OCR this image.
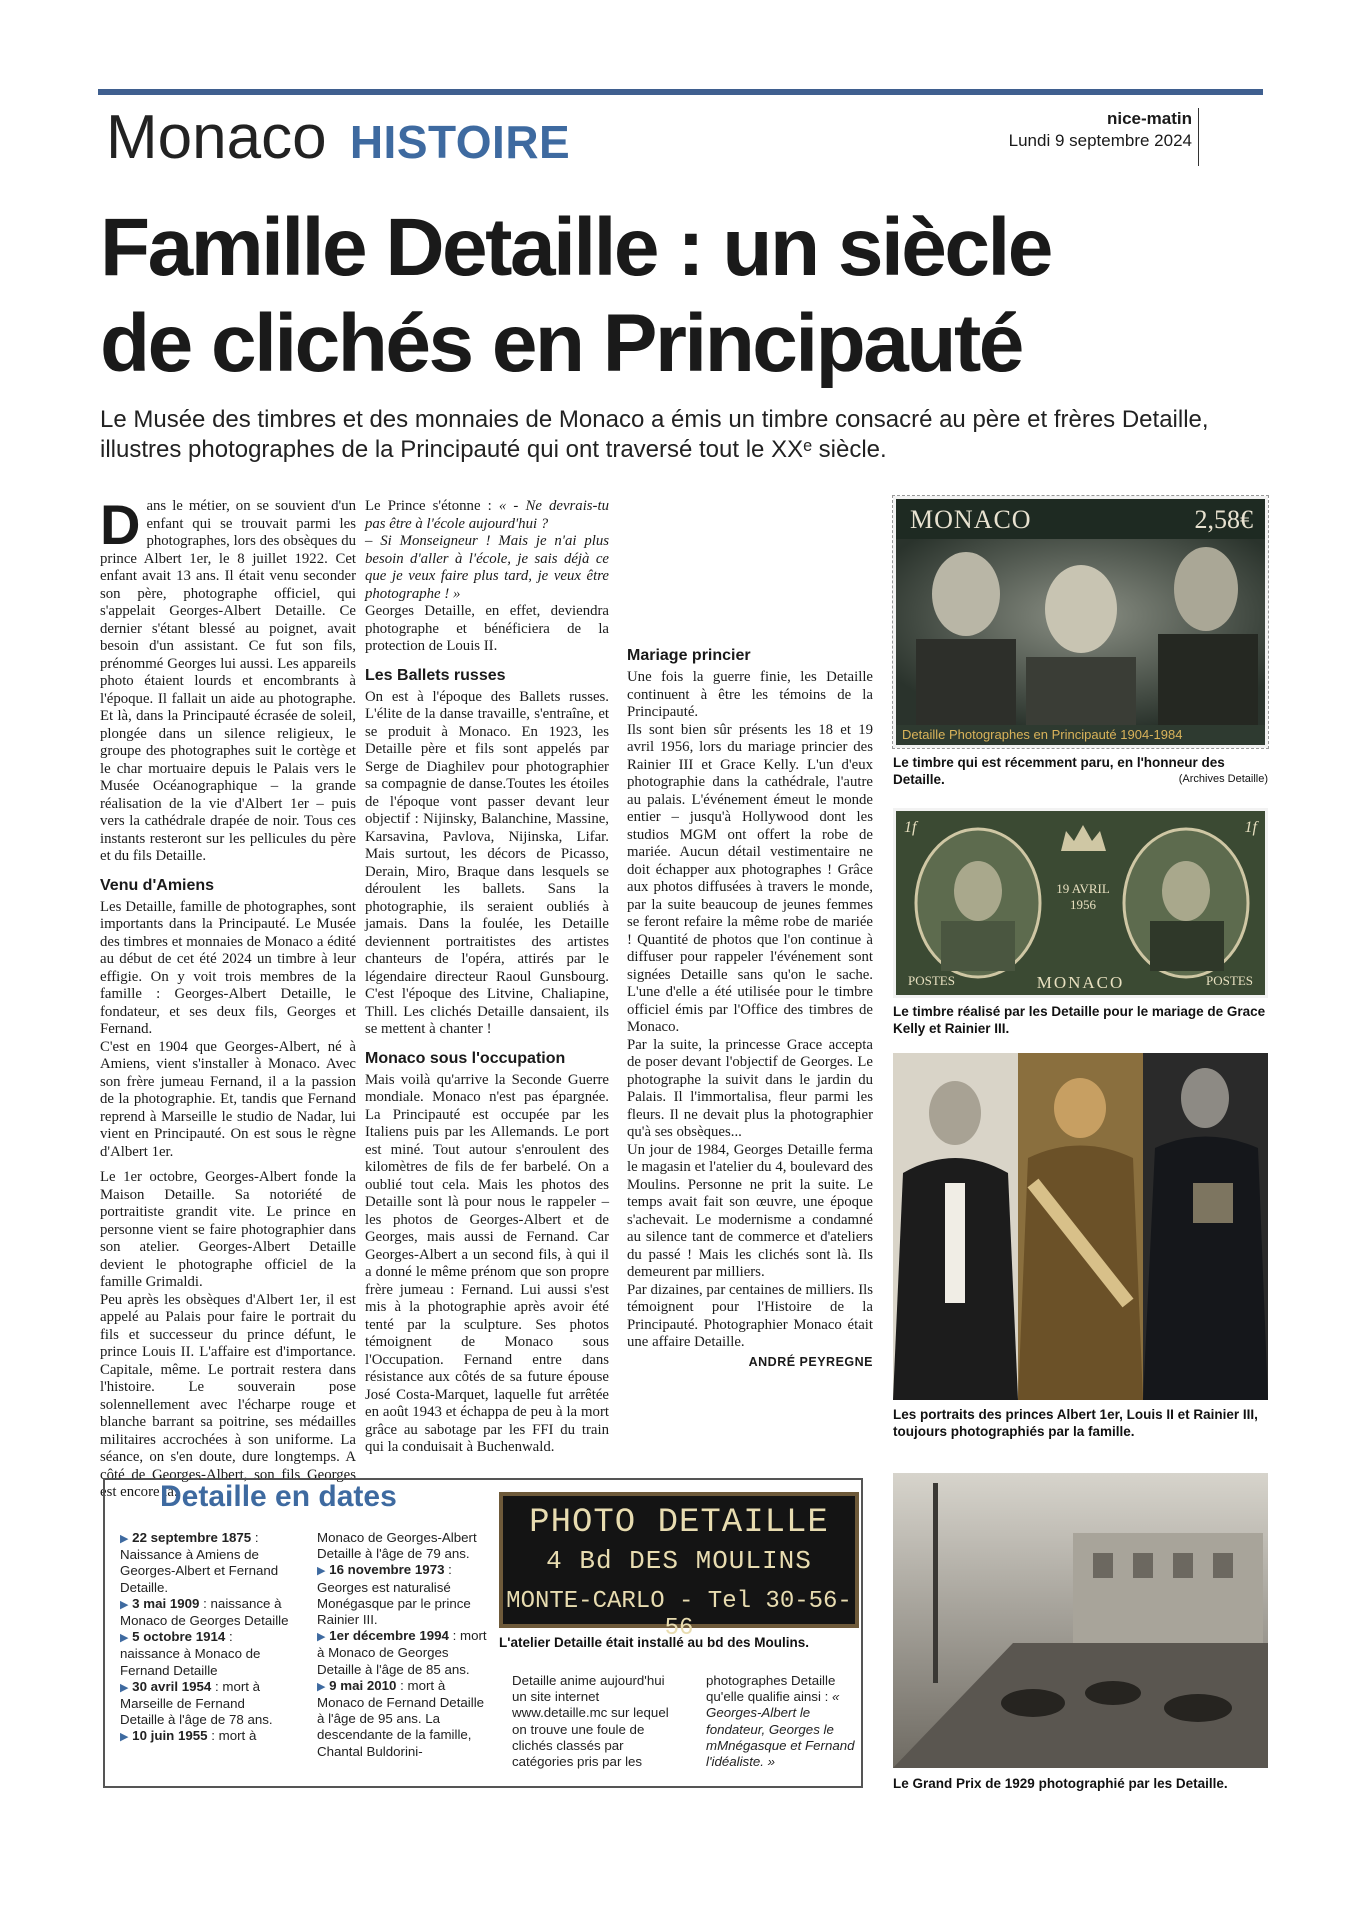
Monaco HISTOIRE	nice-matin
Lundi 9 septembre 2024
Famille Detaille : un siècle
de clichés en Principauté
Le Musée des timbres et des monnaies de Monaco a émis un timbre consacré au père et frères Detaille, illustres photographes de la Principauté qui ont traversé tout le XXᵉ siècle.

Dans le métier, on se souvient d'un enfant qui se trouvait parmi les photographes, lors des obsèques du prince Albert 1er, le 8 juillet 1922. Cet enfant avait 13 ans. Il était venu seconder son père, photographe officiel, qui s'appelait Georges-Albert Detaille. Ce dernier s'étant blessé au poignet, avait besoin d'un assistant. Ce fut son fils, prénommé Georges lui aussi. Les appareils photo étaient lourds et encombrants à l'époque. Il fallait un aide au photographe. Et là, dans la Principauté écrasée de soleil, plongée dans un silence religieux, le groupe des photographes suit le cortège et le char mortuaire depuis le Palais vers le Musée Océanographique – la grande réalisation de la vie d'Albert 1er – puis vers la cathédrale drapée de noir. Tous ces instants resteront sur les pellicules du père et du fils Detaille.

Venu d'Amiens

Les Detaille, famille de photographes, sont importants dans la Principauté. Le Musée des timbres et monnaies de Monaco a édité au début de cet été 2024 un timbre à leur effigie. On y voit trois membres de la famille : Georges-Albert Detaille, le fondateur, et ses deux fils, Georges et Fernand.

C'est en 1904 que Georges-Albert, né à Amiens, vient s'installer à Monaco. Avec son frère jumeau Fernand, il a la passion de la photographie. Et, tandis que Fernand reprend à Marseille le studio de Nadar, lui vient en Principauté. On est sous le règne d'Albert 1er.

Le 1er octobre, Georges-Albert fonde la Maison Detaille. Sa notoriété de portraitiste grandit vite. Le prince en personne vient se faire photographier dans son atelier. Georges-Albert Detaille devient le photographe officiel de la famille Grimaldi.

Peu après les obsèques d'Albert 1er, il est appelé au Palais pour faire le portrait du fils et successeur du prince défunt, le prince Louis II. L'affaire est d'importance. Capitale, même. Le portrait restera dans l'histoire. Le souverain pose solennellement avec l'écharpe rouge et blanche barrant sa poitrine, ses médailles militaires accrochées à son uniforme. La séance, on s'en doute, dure longtemps. A côté de Georges-Albert, son fils Georges est encore là.

Le Prince s'étonne : « - Ne devrais-tu pas être à l'école aujourd'hui ?

– Si Monseigneur ! Mais je n'ai plus besoin d'aller à l'école, je sais déjà ce que je veux faire plus tard, je veux être photographe ! »

Georges Detaille, en effet, deviendra photographe et bénéficiera de la protection de Louis II.

Les Ballets russes

On est à l'époque des Ballets russes. L'élite de la danse travaille, s'entraîne, et se produit à Monaco. En 1923, les Detaille père et fils sont appelés par Serge de Diaghilev pour photographier sa compagnie de danse.Toutes les étoiles de l'époque vont passer devant leur objectif : Nijinsky, Balanchine, Massine, Karsavina, Pavlova, Nijinska, Lifar. Mais surtout, les décors de Picasso, Derain, Miro, Braque dans lesquels se déroulent les ballets. Sans la photographie, ils seraient oubliés à jamais. Dans la foulée, les Detaille deviennent portraitistes des artistes chanteurs de l'opéra, attirés par le légendaire directeur Raoul Gunsbourg. C'est l'époque des Litvine, Chaliapine, Thill. Les clichés Detaille dansaient, ils se mettent à chanter !

Monaco sous l'occupation

Mais voilà qu'arrive la Seconde Guerre mondiale. Monaco n'est pas épargnée. La Principauté est occupée par les Italiens puis par les Allemands. Le port est miné. Tout autour s'enroulent des kilomètres de fils de fer barbelé. On a oublié tout cela. Mais les photos des Detaille sont là pour nous le rappeler – les photos de Georges-Albert et de Georges, mais aussi de Fernand. Car Georges-Albert a un second fils, à qui il a donné le même prénom que son propre frère jumeau : Fernand. Lui aussi s'est mis à la photographie après avoir été tenté par la sculpture. Ses photos témoignent de Monaco sous l'Occupation. Fernand entre dans résistance aux côtés de sa future épouse José Costa-Marquet, laquelle fut arrêtée en août 1943 et échappa de peu à la mort grâce au sabotage par les FFI du train qui la conduisait à Buchenwald.

Mariage princier

Une fois la guerre finie, les Detaille continuent à être les témoins de la Principauté.

Ils sont bien sûr présents les 18 et 19 avril 1956, lors du mariage princier des Rainier III et Grace Kelly. L'un d'eux photographie dans la cathédrale, l'autre au palais. L'événement émeut le monde entier – jusqu'à Hollywood dont les studios MGM ont offert la robe de mariée. Aucun détail vestimentaire ne doit échapper aux photographes ! Grâce aux photos diffusées à travers le monde, par la suite beaucoup de jeunes femmes se feront refaire la même robe de mariée ! Quantité de photos que l'on continue à diffuser pour rappeler l'événement sont signées Detaille sans qu'on le sache. L'une d'elle a été utilisée pour le timbre officiel émis par l'Office des timbres de Monaco.

Par la suite, la princesse Grace accepta de poser devant l'objectif de Georges. Le photographe la suivit dans le jardin du Palais. Il l'immortalisa, fleur parmi les fleurs. Il ne devait plus la photographier qu'à ses obsèques...

Un jour de 1984, Georges Detaille ferma le magasin et l'atelier du 4, boulevard des Moulins. Personne ne prit la suite. Le temps avait fait son œuvre, une époque s'achevait. Le modernisme a condamné au silence tant de commerce et d'ateliers du passé ! Mais les clichés sont là. Ils demeurent par milliers.

Par dizaines, par centaines de milliers. Ils témoignent pour l'Histoire de la Principauté. Photographier Monaco était une affaire Detaille.

ANDRÉ PEYREGNE
MONACO	2,58€
Detaille Photographes en Principauté 1904-1984
Le timbre qui est récemment paru, en l'honneur des Detaille.	(Archives Detaille)
1f	1f
19 AVRIL
1956
POSTES	MONACO	POSTES
Le timbre réalisé par les Detaille pour le mariage de Grace Kelly et Rainier III.
Les portraits des princes Albert 1er, Louis II et Rainier III, toujours photographiés par la famille.
Detaille en dates

▶ 22 septembre 1875 : Naissance à Amiens de Georges-Albert et Fernand Detaille.

▶ 3 mai 1909 : naissance à Monaco de Georges Detaille

▶ 5 octobre 1914 : naissance à Monaco de Fernand Detaille

▶ 30 avril 1954 : mort à Marseille de Fernand Detaille à l'âge de 78 ans.

▶ 10 juin 1955 : mort à

Monaco de Georges-Albert Detaille à l'âge de 79 ans.

▶ 16 novembre 1973 : Georges est naturalisé Monégasque par le prince Rainier III.

▶ 1er décembre 1994 : mort à Monaco de Georges Detaille à l'âge de 85 ans.

▶ 9 mai 2010 : mort à Monaco de Fernand Detaille à l'âge de 95 ans. La descendante de la famille, Chantal Buldorini-

PHOTO DETAILLE
4 Bd DES MOULINS
MONTE-CARLO - Tel 30-56-56
L'atelier Detaille était installé au bd des Moulins.
Detaille anime aujourd'hui un site internet www.detaille.mc sur lequel on trouve une foule de clichés classés par catégories pris par les
photographes Detaille qu'elle qualifie ainsi : « Georges-Albert le fondateur, Georges le mMnégasque et Fernand l'idéaliste. »
Le Grand Prix de 1929 photographié par les Detaille.
